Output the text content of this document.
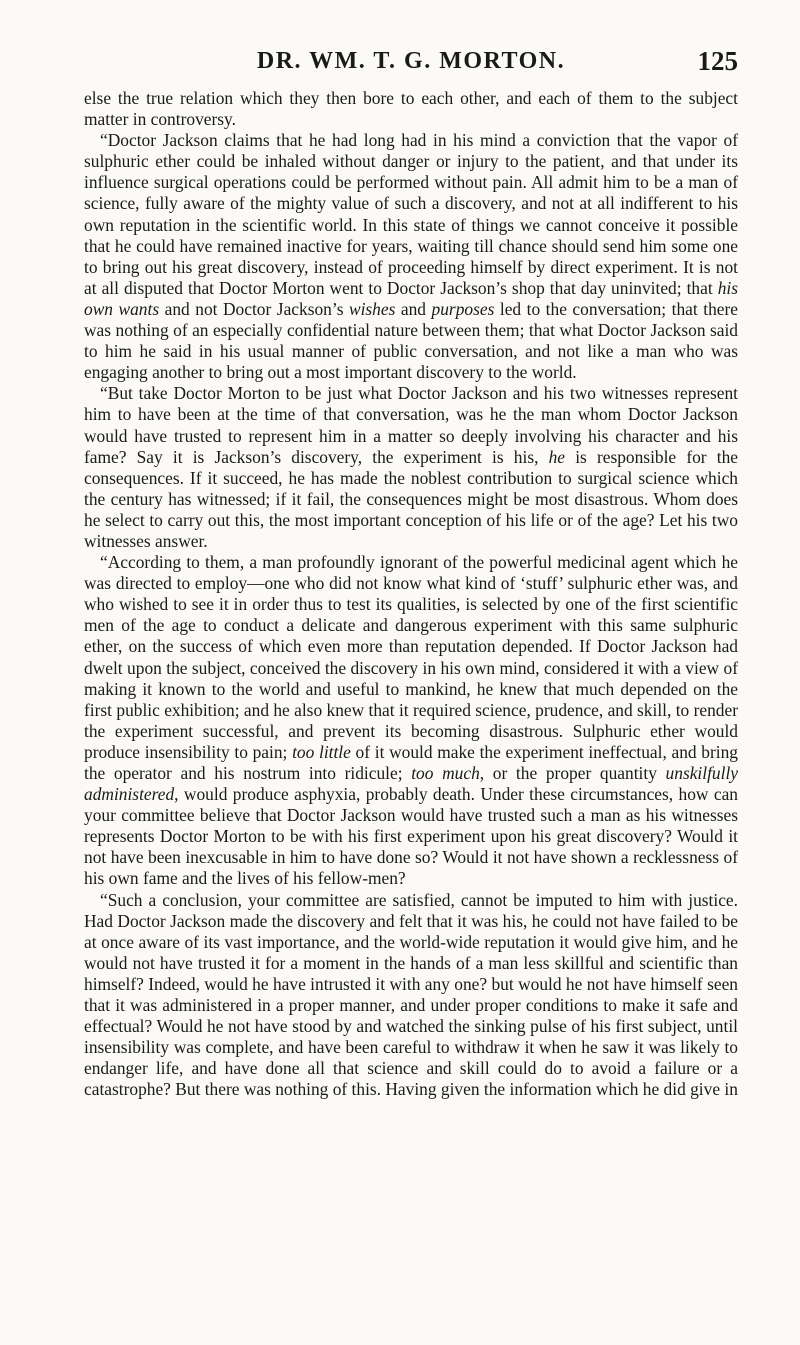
DR. WM. T. G. MORTON.	125

else the true relation which they then bore to each other, and each of them to the subject matter in controversy.

“Doctor Jackson claims that he had long had in his mind a conviction that the vapor of sulphuric ether could be inhaled without danger or injury to the patient, and that under its influence surgical operations could be performed without pain. All admit him to be a man of science, fully aware of the mighty value of such a discovery, and not at all indifferent to his own reputation in the scientific world. In this state of things we cannot conceive it possible that he could have remained inactive for years, waiting till chance should send him some one to bring out his great discovery, instead of proceeding himself by direct experiment. It is not at all disputed that Doctor Morton went to Doctor Jackson’s shop that day uninvited; that his own wants and not Doctor Jackson’s wishes and purposes led to the conversation; that there was nothing of an especially confidential nature between them; that what Doctor Jackson said to him he said in his usual manner of public conversation, and not like a man who was engaging another to bring out a most important discovery to the world.

“But take Doctor Morton to be just what Doctor Jackson and his two witnesses represent him to have been at the time of that conversation, was he the man whom Doctor Jackson would have trusted to represent him in a matter so deeply involving his character and his fame? Say it is Jackson’s discovery, the experiment is his, he is responsible for the consequences. If it succeed, he has made the noblest contribution to surgical science which the century has witnessed; if it fail, the consequences might be most disastrous. Whom does he select to carry out this, the most important conception of his life or of the age? Let his two witnesses answer.

“According to them, a man profoundly ignorant of the powerful medicinal agent which he was directed to employ—one who did not know what kind of ‘stuff’ sulphuric ether was, and who wished to see it in order thus to test its qualities, is selected by one of the first scientific men of the age to conduct a delicate and dangerous experiment with this same sulphuric ether, on the success of which even more than reputation depended. If Doctor Jackson had dwelt upon the subject, conceived the discovery in his own mind, considered it with a view of making it known to the world and useful to mankind, he knew that much depended on the first public exhibition; and he also knew that it required science, prudence, and skill, to render the experiment successful, and prevent its becoming disastrous. Sulphuric ether would produce insensibility to pain; too little of it would make the experiment ineffectual, and bring the operator and his nostrum into ridicule; too much, or the proper quantity unskilfully administered, would produce asphyxia, probably death. Under these circumstances, how can your committee believe that Doctor Jackson would have trusted such a man as his witnesses represents Doctor Morton to be with his first experiment upon his great discovery? Would it not have been inexcusable in him to have done so? Would it not have shown a recklessness of his own fame and the lives of his fellow-men?

“Such a conclusion, your committee are satisfied, cannot be imputed to him with justice. Had Doctor Jackson made the discovery and felt that it was his, he could not have failed to be at once aware of its vast importance, and the world-wide reputation it would give him, and he would not have trusted it for a moment in the hands of a man less skillful and scientific than himself? Indeed, would he have intrusted it with any one? but would he not have himself seen that it was administered in a proper manner, and under proper conditions to make it safe and effectual? Would he not have stood by and watched the sinking pulse of his first subject, until insensibility was complete, and have been careful to withdraw it when he saw it was likely to endanger life, and have done all that science and skill could do to avoid a failure or a catastrophe? But there was nothing of this. Having given the information which he did give in
